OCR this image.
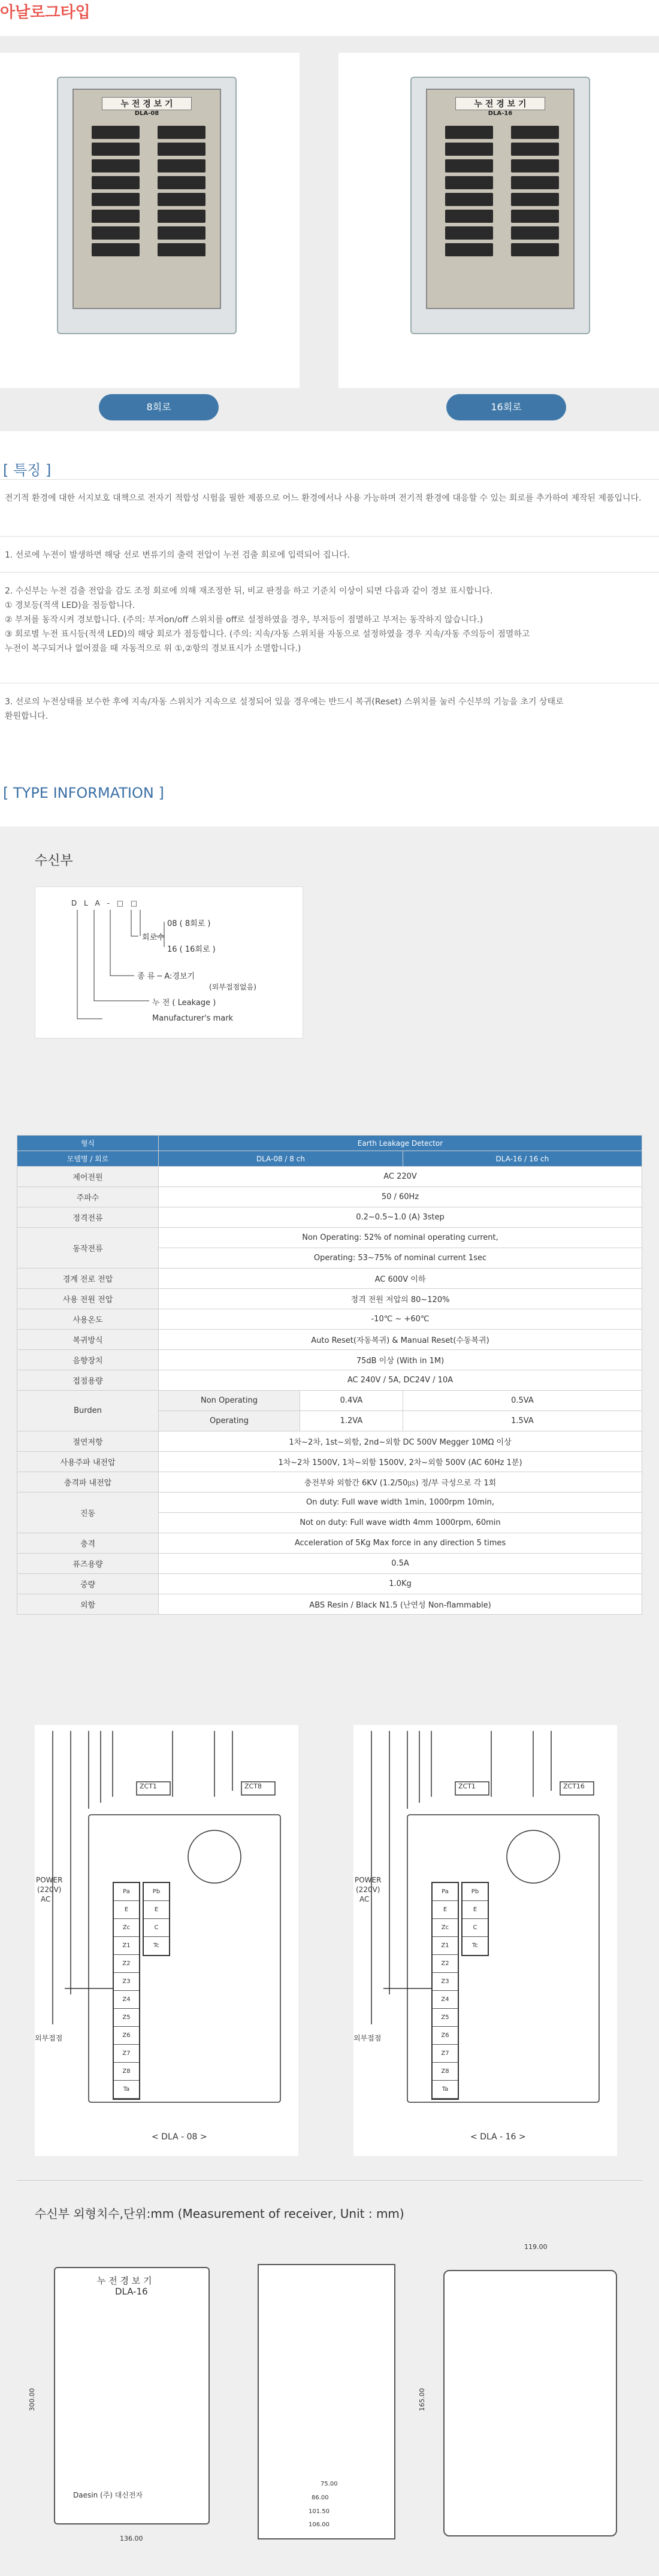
아날로그타입
누 전 경 보 기
DLA-08
8회로
누 전 경 보 기
DLA-16
16회로
[ 특징 ]
전기적 환경에 대한 서지보호 대책으로 전자기 적합성 시험을 필한 제품으로 어느 환경에서나 사용 가능하며 전기적 환경에 대응할 수 있는 회로를 추가하여 제작된 제품입니다.
1. 선로에 누전이 발생하면 해당 선로 변류기의 출력 전압이 누전 검출 회로에 입력되어 집니다.
2. 수신부는 누전 검출 전압을 감도 조정 회로에 의해 재조정한 뒤, 비교 판정을 하고 기준치 이상이 되면 다음과 같이 경보 표시합니다.
① 경보등(적색 LED)을 점등합니다.
② 부저를 동작시켜 경보합니다. (주의: 부저on/off 스위치를 off로 설정하였을 경우, 부저등이 점멸하고 부저는 동작하지 않습니다.)
③ 회로별 누전 표시등(적색 LED)의 해당 회로가 점등합니다. (주의: 지속/자동 스위치를 자동으로 설정하였을 경우 지속/자동 주의등이 점멸하고
누전이 복구되거나 없어졌을 때 자동적으로 위 ①,②항의 경보표시가 소멸합니다.)
3. 선로의 누전상태를 보수한 후에 지속/자동 스위치가 지속으로 설정되어 있을 경우에는 반드시 복귀(Reset) 스위치를 눌러 수신부의 기능을 초기 상태로
환원합니다.
[ TYPE INFORMATION ]
수신부
D L A - □ □
08 ( 8회로 )
회로수
16 ( 16회로 )
종 류 ─ A:경보기
(외부접점없음)
누 전 ( Leakage )
Manufacturer's mark
형식	Earth Leakage Detector		
모델명 / 회로	DLA-08 / 8 ch		DLA-16 / 16 ch
제어전원	AC 220V		
주파수	50 / 60Hz		
정격전류	0.2~0.5~1.0 (A) 3step		
동작전류	Non Operating: 52% of nominal operating current,		
	Operating: 53~75% of nominal current 1sec		
경계 전로 전압	AC 600V 이하		
사용 전원 전압	정격 전원 저압의 80~120%		
사용온도	-10℃ ~ +60℃		
복귀방식	Auto Reset(자동복귀) & Manual Reset(수동복귀)		
음향장치	75dB 이상 (With in 1M)		
접점용량	AC 240V / 5A, DC24V / 10A		
Burden	Non Operating	0.4VA	0.5VA
	Operating	1.2VA	1.5VA
절연저항	1차~2차, 1st~외함, 2nd~외함 DC 500V Megger 10MΩ 이상		
사용주파 내전압	1차~2차 1500V, 1차~외함 1500V, 2차~외함 500V (AC 60Hz 1분)		
충격파 내전압	충전부와 외함간 6KV (1.2/50㎲) 정/부 극성으로 각 1회		
진동	On duty: Full wave width 1min, 1000rpm 10min,		
	Not on duty: Full wave width 4mm 1000rpm, 60min		
충격	Acceleration of 5Kg Max force in any direction 5 times		
퓨즈용량	0.5A		
중량	1.0Kg		
외함	ABS Resin / Black N1.5 (난연성 Non-flammable)		
ZCT1	ZCT8
POWER
(220V)
AC
외부접점
Pa
E
Zc
Z1
Z2
Z3
Z4
Z5
Z6
Z7
Z8
Ta
Pb
E
C
Tc
< DLA - 08 >
ZCT1	ZCT16
POWER
(220V)
AC
외부접점
Pa
E
Zc
Z1
Z2
Z3
Z4
Z5
Z6
Z7
Z8
Ta
Pb
E
C
Tc
< DLA - 16 >
수신부 외형치수,단위:mm (Measurement of receiver, Unit : mm)
누 전 경 보 기
DLA-16
Daesin (주) 대신전자
136.00
300.00
75.00
86.00
101.50
106.00
119.00
165.00
